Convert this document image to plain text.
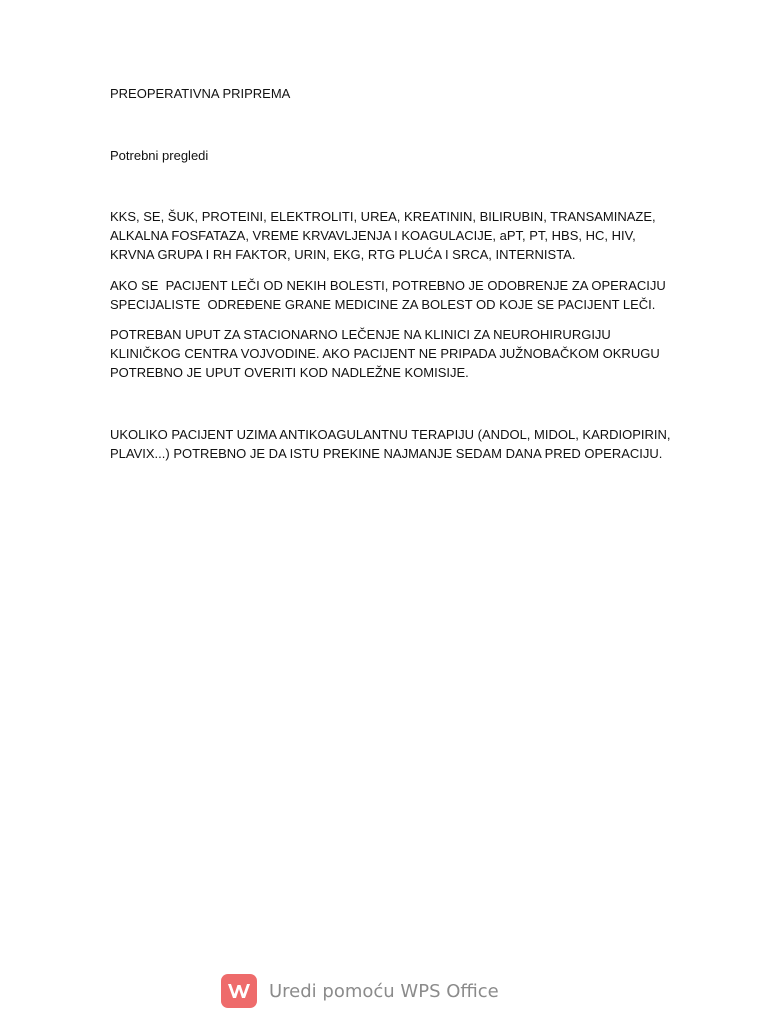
PREOPERATIVNA PRIPREMA
Potrebni pregledi
KKS, SE, ŠUK, PROTEINI, ELEKTROLITI, UREA, KREATININ, BILIRUBIN, TRANSAMINAZE,
ALKALNA FOSFATAZA, VREME KRVAVLJENJA I KOAGULACIJE, aPT, PT, HBS, HC, HIV,
KRVNA GRUPA I RH FAKTOR, URIN, EKG, RTG PLUĆA I SRCA, INTERNISTA.
AKO SE  PACIJENT LEČI OD NEKIH BOLESTI, POTREBNO JE ODOBRENJE ZA OPERACIJU
SPECIJALISTE  ODREĐENE GRANE MEDICINE ZA BOLEST OD KOJE SE PACIJENT LEČI.
POTREBAN UPUT ZA STACIONARNO LEČENJE NA KLINICI ZA NEUROHIRURGIJU
KLINIČKOG CENTRA VOJVODINE. AKO PACIJENT NE PRIPADA JUŽNOBAČKOM OKRUGU
POTREBNO JE UPUT OVERITI KOD NADLEŽNE KOMISIJE.
UKOLIKO PACIJENT UZIMA ANTIKOAGULANTNU TERAPIJU (ANDOL, MIDOL, KARDIOPIRIN,
PLAVIX...) POTREBNO JE DA ISTU PREKINE NAJMANJE SEDAM DANA PRED OPERACIJU.
Uredi pomoću WPS Office
